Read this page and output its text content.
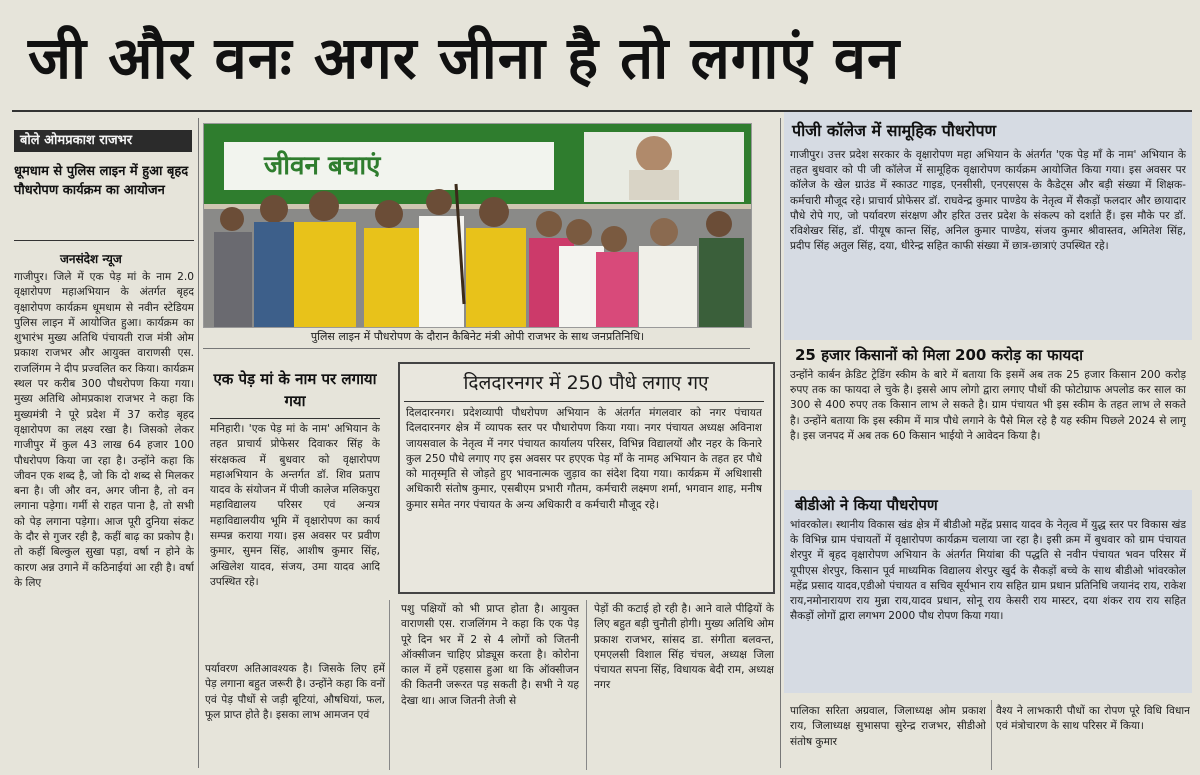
जी और वनः अगर जीना है तो लगाएं वन
बोले ओमप्रकाश राजभर

धूमधाम से पुलिस लाइन में हुआ बृहद पौधरोपण कार्यक्रम का आयोजन

जनसंदेश न्यूज

गाजीपुर। जिले में एक पेड़ मां के नाम 2.0 वृक्षारोपण महाअभियान के अंतर्गत बृहद वृक्षारोपण कार्यक्रम धूमधाम से नवीन स्टेडियम पुलिस लाइन में आयोजित हुआ। कार्यक्रम का शुभारंभ मुख्य अतिथि पंचायती राज मंत्री ओम प्रकाश राजभर और आयुक्त वाराणसी एस. राजलिंगम ने दीप प्रज्वलित कर किया। कार्यक्रम स्थल पर करीब 300 पौधरोपण किया गया। मुख्य अतिथि ओमप्रकाश राजभर ने कहा कि मुख्यमंत्री ने पूरे प्रदेश में 37 करोड़ बृहद वृक्षारोपण का लक्ष्य रखा है। जिसको लेकर गाजीपुर में कुल 43 लाख 64 हजार 100 पौधरोपण किया जा रहा है। उन्होंने कहा कि जीवन एक शब्द है, जो कि दो शब्द से मिलकर बना है। जी और वन, अगर जीना है, तो वन लगाना पड़ेगा। गर्मी से राहत पाना है, तो सभी को पेड़ लगाना पड़ेगा। आज पूरी दुनिया संकट के दौर से गुजर रही है, कहीं बाढ़ का प्रकोप है। तो कहीं बिल्कुल सुखा पड़ा, वर्षा न होने के कारण अन्न उगाने में कठिनाईयां आ रही है। वर्षा के लिए

जीवन बचाएं

पुलिस लाइन में पौधरोपण के दौरान कैबिनेट मंत्री ओपी राजभर के साथ जनप्रतिनिधि।

एक पेड़ मां के नाम पर लगाया गया

मनिहारी। 'एक पेड़ मां के नाम' अभियान के तहत प्राचार्य प्रोफेसर दिवाकर सिंह के संरक्षकत्व में बुधवार को वृक्षारोपण महाअभियान के अन्तर्गत डॉ. शिव प्रताप यादव के संयोजन में पीजी कालेज मलिकपुरा महाविद्यालय परिसर एवं अन्यत्र महाविद्यालयीय भूमि में वृक्षारोपण का कार्य सम्पन्न कराया गया। इस अवसर पर प्रवीण कुमार, सुमन सिंह, आशीष कुमार सिंह, अखिलेश यादव, संजय, उमा यादव आदि उपस्थित रहे।

दिलदारनगर में 250 पौधे लगाए गए

दिलदारनगर। प्रदेशव्यापी पौधरोपण अभियान के अंतर्गत मंगलवार को नगर पंचायत दिलदारनगर क्षेत्र में व्यापक स्तर पर पौधारोपण किया गया। नगर पंचायत अध्यक्ष अविनाश जायसवाल के नेतृत्व में नगर पंचायत कार्यालय परिसर, विभिन्न विद्यालयों और नहर के किनारे कुल 250 पौधे लगाए गए इस अवसर पर हएएक पेड़ माँ के नामह अभियान के तहत हर पौधे को मातृस्मृति से जोड़ते हुए भावनात्मक जुड़ाव का संदेश दिया गया। कार्यक्रम में अधिशासी अधिकारी संतोष कुमार, एसबीएम प्रभारी गौतम, कर्मचारी लक्ष्मण शर्मा, भगवान शाह, मनीष कुमार समेत नगर पंचायत के अन्य अधिकारी व कर्मचारी मौजूद रहे।

पर्यावरण अतिआवश्यक है। जिसके लिए हमें पेड़ लगाना बहुत जरूरी है। उन्होंने कहा कि वनों एवं पेड़ पौधों से जड़ी बूटियां, औषधियां, फल, फूल प्राप्त होते है। इसका लाभ आमजन एवं

पशु पक्षियों को भी प्राप्त होता है। आयुक्त वाराणसी एस. राजलिंगम ने कहा कि एक पेड़ पूरे दिन भर में 2 से 4 लोगों को जितनी ऑक्सीजन चाहिए प्रोड्यूस करता है। कोरोना काल में हमें एहसास हुआ था कि ऑक्सीजन की कितनी जरूरत पड़ सकती है। सभी ने यह देखा था। आज जितनी तेजी से

पेड़ों की कटाई हो रही है। आने वाले पीढ़ियों के लिए बहुत बड़ी चुनौती होगी। मुख्य अतिथि ओम प्रकाश राजभर, सांसद डा. संगीता बलवन्त, एमएलसी विशाल सिंह चंचल, अध्यक्ष जिला पंचायत सपना सिंह, विधायक बेदी राम, अध्यक्ष नगर

पीजी कॉलेज में सामूहिक पौधरोपण

गाजीपुर। उत्तर प्रदेश सरकार के वृक्षारोपण महा अभियान के अंतर्गत 'एक पेड़ माँ के नाम' अभियान के तहत बुधवार को पी जी कॉलेज में सामूहिक वृक्षारोपण कार्यक्रम आयोजित किया गया। इस अवसर पर कॉलेज के खेल ग्राउंड में स्काउट गाइड, एनसीसी, एनएसएस के कैडेट्स और बड़ी संख्या में शिक्षक-कर्मचारी मौजूद रहे। प्राचार्य प्रोफेसर डॉ. राघवेन्द्र कुमार पाण्डेय के नेतृत्व में सैकड़ों फलदार और छायादार पौधे रोपे गए, जो पर्यावरण संरक्षण और हरित उत्तर प्रदेश के संकल्प को दर्शाते हैं। इस मौके पर डॉ. रविशेखर सिंह, डॉ. पीयूष कान्त सिंह, अनिल कुमार पाण्डेय, संजय कुमार श्रीवास्तव, अमितेश सिंह, प्रदीप सिंह अतुल सिंह, दया, धीरेन्द्र सहित काफी संख्या में छात्र-छात्राएं उपस्थित रहे।

25 हजार किसानों को मिला 200 करोड़ का फायदा

उन्होंने कार्बन क्रेडिट ट्रेडिंग स्कीम के बारे में बताया कि इसमें अब तक 25 हजार किसान 200 करोड़ रुपए तक का फायदा ले चुके है। इससे आप लोगो द्वारा लगाए पौधों की फोटोग्राफ अपलोड कर साल का 300 से 400 रुपए तक किसान लाभ ले सकते है। ग्राम पंचायत भी इस स्कीम के तहत लाभ ले सकते है। उन्होंने बताया कि इस स्कीम में मात्र पौधे लगाने के पैसे मिल रहे है यह स्कीम पिछले 2024 से लागू है। इस जनपद में अब तक 60 किसान भाईयो ने आवेदन किया है।

बीडीओ ने किया पौधरोपण

भांवरकोल। स्थानीय विकास खंड क्षेत्र में बीडीओ महेंद्र प्रसाद यादव के नेतृत्व में युद्ध स्तर पर विकास खंड के विभिन्न ग्राम पंचायतों में वृक्षारोपण कार्यक्रम चलाया जा रहा है। इसी क्रम में बुधवार को ग्राम पंचायत शेरपुर में बृहद वृक्षारोपण अभियान के अंतर्गत मियांबा की पद्धति से नवीन पंचायत भवन परिसर में यूपीएस शेरपुर, किसान पूर्व माध्यमिक विद्यालय शेरपुर खुर्द के सैकड़ों बच्चे के साथ बीडीओ भांवरकोल महेंद्र प्रसाद यादव,एडीओ पंचायत व सचिव सूर्यभान राय सहित ग्राम प्रधान प्रतिनिधि जयानंद राय, राकेश राय,नमोनारायण राय मुन्ना राय,यादव प्रधान, सोनू राय केसरी राय मास्टर, दया शंकर राय राय सहित सैकड़ों लोगों द्वारा लगभग 2000 पौध रोपण किया गया।

पालिका सरिता अग्रवाल, जिलाध्यक्ष ओम प्रकाश राय, जिलाध्यक्ष सुभासपा सुरेन्द्र राजभर, सीडीओ संतोष कुमार

वैश्य ने लाभकारी पौधों का रोपण पूरे विधि विधान एवं मंत्रोचारण के साथ परिसर में किया।
